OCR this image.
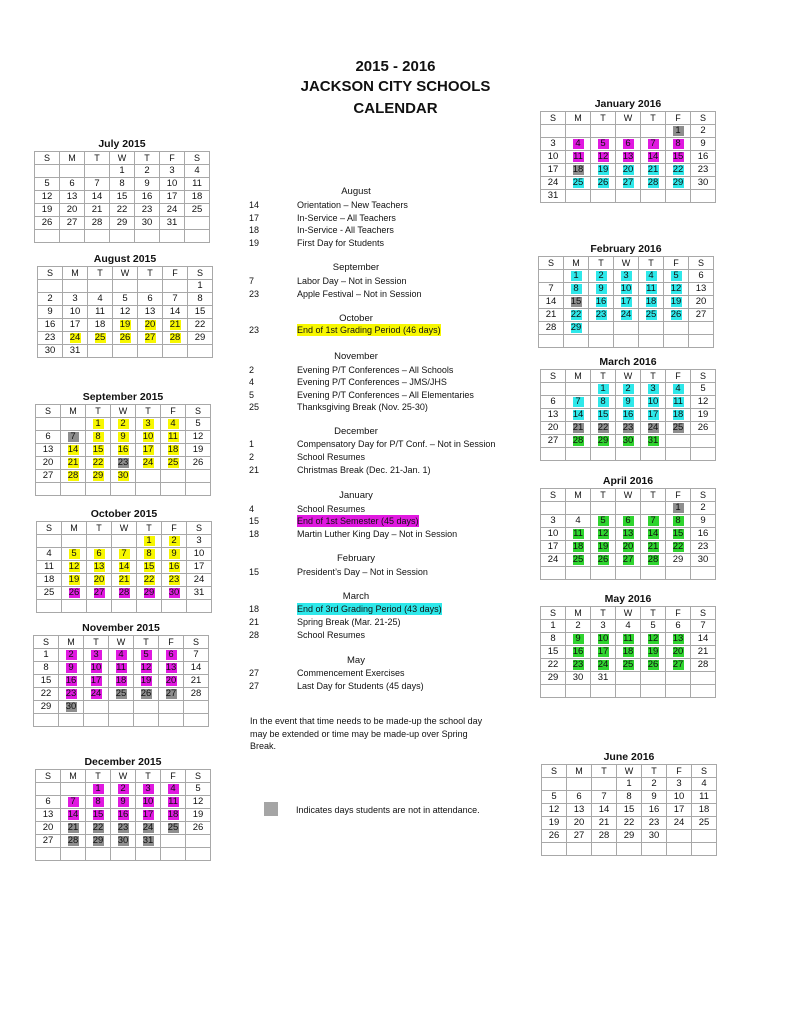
2015 - 2016
JACKSON CITY SCHOOLS
CALENDAR
July 2015
S	M	T	W	T	F	S
			1	2	3	4
5	6	7	8	9	10	11
12	13	14	15	16	17	18
19	20	21	22	23	24	25
26	27	28	29	30	31	

August 2015
S	M	T	W	T	F	S
						1
2	3	4	5	6	7	8
9	10	11	12	13	14	15
16	17	18	19	20	21	22
23	24	25	26	27	28	29
30	31					
September 2015
S	M	T	W	T	F	S
		1	2	3	4	5
6	7	8	9	10	11	12
13	14	15	16	17	18	19
20	21	22	23	24	25	26
27	28	29	30			

October 2015
S	M	T	W	T	F	S
				1	2	3
4	5	6	7	8	9	10
11	12	13	14	15	16	17
18	19	20	21	22	23	24
25	26	27	28	29	30	31

November 2015
S	M	T	W	T	F	S
1	2	3	4	5	6	7
8	9	10	11	12	13	14
15	16	17	18	19	20	21
22	23	24	25	26	27	28
29	30					

December 2015
S	M	T	W	T	F	S
		1	2	3	4	5
6	7	8	9	10	11	12
13	14	15	16	17	18	19
20	21	22	23	24	25	26
27	28	29	30	31		

January 2016
S	M	T	W	T	F	S
					1	2
3	4	5	6	7	8	9
10	11	12	13	14	15	16
17	18	19	20	21	22	23
24	25	26	27	28	29	30
31						
February 2016
S	M	T	W	T	F	S
	1	2	3	4	5	6
7	8	9	10	11	12	13
14	15	16	17	18	19	20
21	22	23	24	25	26	27
28	29					

March 2016
S	M	T	W	T	F	S
		1	2	3	4	5
6	7	8	9	10	11	12
13	14	15	16	17	18	19
20	21	22	23	24	25	26
27	28	29	30	31		

April 2016
S	M	T	W	T	F	S
					1	2
3	4	5	6	7	8	9
10	11	12	13	14	15	16
17	18	19	20	21	22	23
24	25	26	27	28	29	30

May 2016
S	M	T	W	T	F	S
1	2	3	4	5	6	7
8	9	10	11	12	13	14
15	16	17	18	19	20	21
22	23	24	25	26	27	28
29	30	31				

June 2016
S	M	T	W	T	F	S
			1	2	3	4
5	6	7	8	9	10	11
12	13	14	15	16	17	18
19	20	21	22	23	24	25
26	27	28	29	30		

August
14	Orientation – New Teachers
17	In-Service – All Teachers
18	In-Service - All Teachers
19	First Day for Students
September
7	Labor Day – Not in Session
23	Apple Festival – Not in Session
October
23	End of 1st Grading Period (46 days)
November
2	Evening P/T Conferences – All Schools
4	Evening P/T Conferences – JMS/JHS
5	Evening P/T Conferences – All Elementaries
25	Thanksgiving Break (Nov. 25-30)
December
1	Compensatory Day for P/T Conf. – Not in Session
2	School Resumes
21	Christmas Break (Dec. 21-Jan. 1)
January
4	School Resumes
15	End of 1st Semester (45 days)
18	Martin Luther King Day – Not in Session
February
15	President’s Day – Not in Session
March
18	End of 3rd Grading Period (43 days)
21	Spring Break (Mar. 21-25)
28	School Resumes
May
27	Commencement Exercises
27	Last Day for Students (45 days)
In the event that time needs to be made-up the school day may be extended or time may be made-up over Spring Break.
Indicates days students are not in attendance.
